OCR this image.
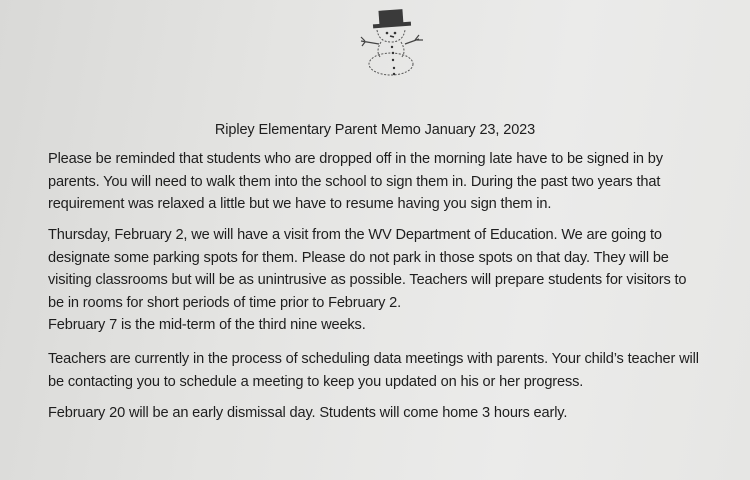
Ripley Elementary Parent Memo January 23, 2023
Please be reminded that students who are dropped off in the morning late have to be signed in by
parents. You will need to walk them into the school to sign them in. During the past two years that
requirement was relaxed a little but we have to resume having you sign them in.
Thursday, February 2, we will have a visit from the WV Department of Education. We are going to
designate some parking spots for them. Please do not park in those spots on that day. They will be
visiting classrooms but will be as unintrusive as possible. Teachers will prepare students for visitors to
be in rooms for short periods of time prior to February 2.
February 7 is the mid-term of the third nine weeks.
Teachers are currently in the process of scheduling data meetings with parents. Your child’s teacher will
be contacting you to schedule a meeting to keep you updated on his or her progress.
February 20 will be an early dismissal day. Students will come home 3 hours early.
